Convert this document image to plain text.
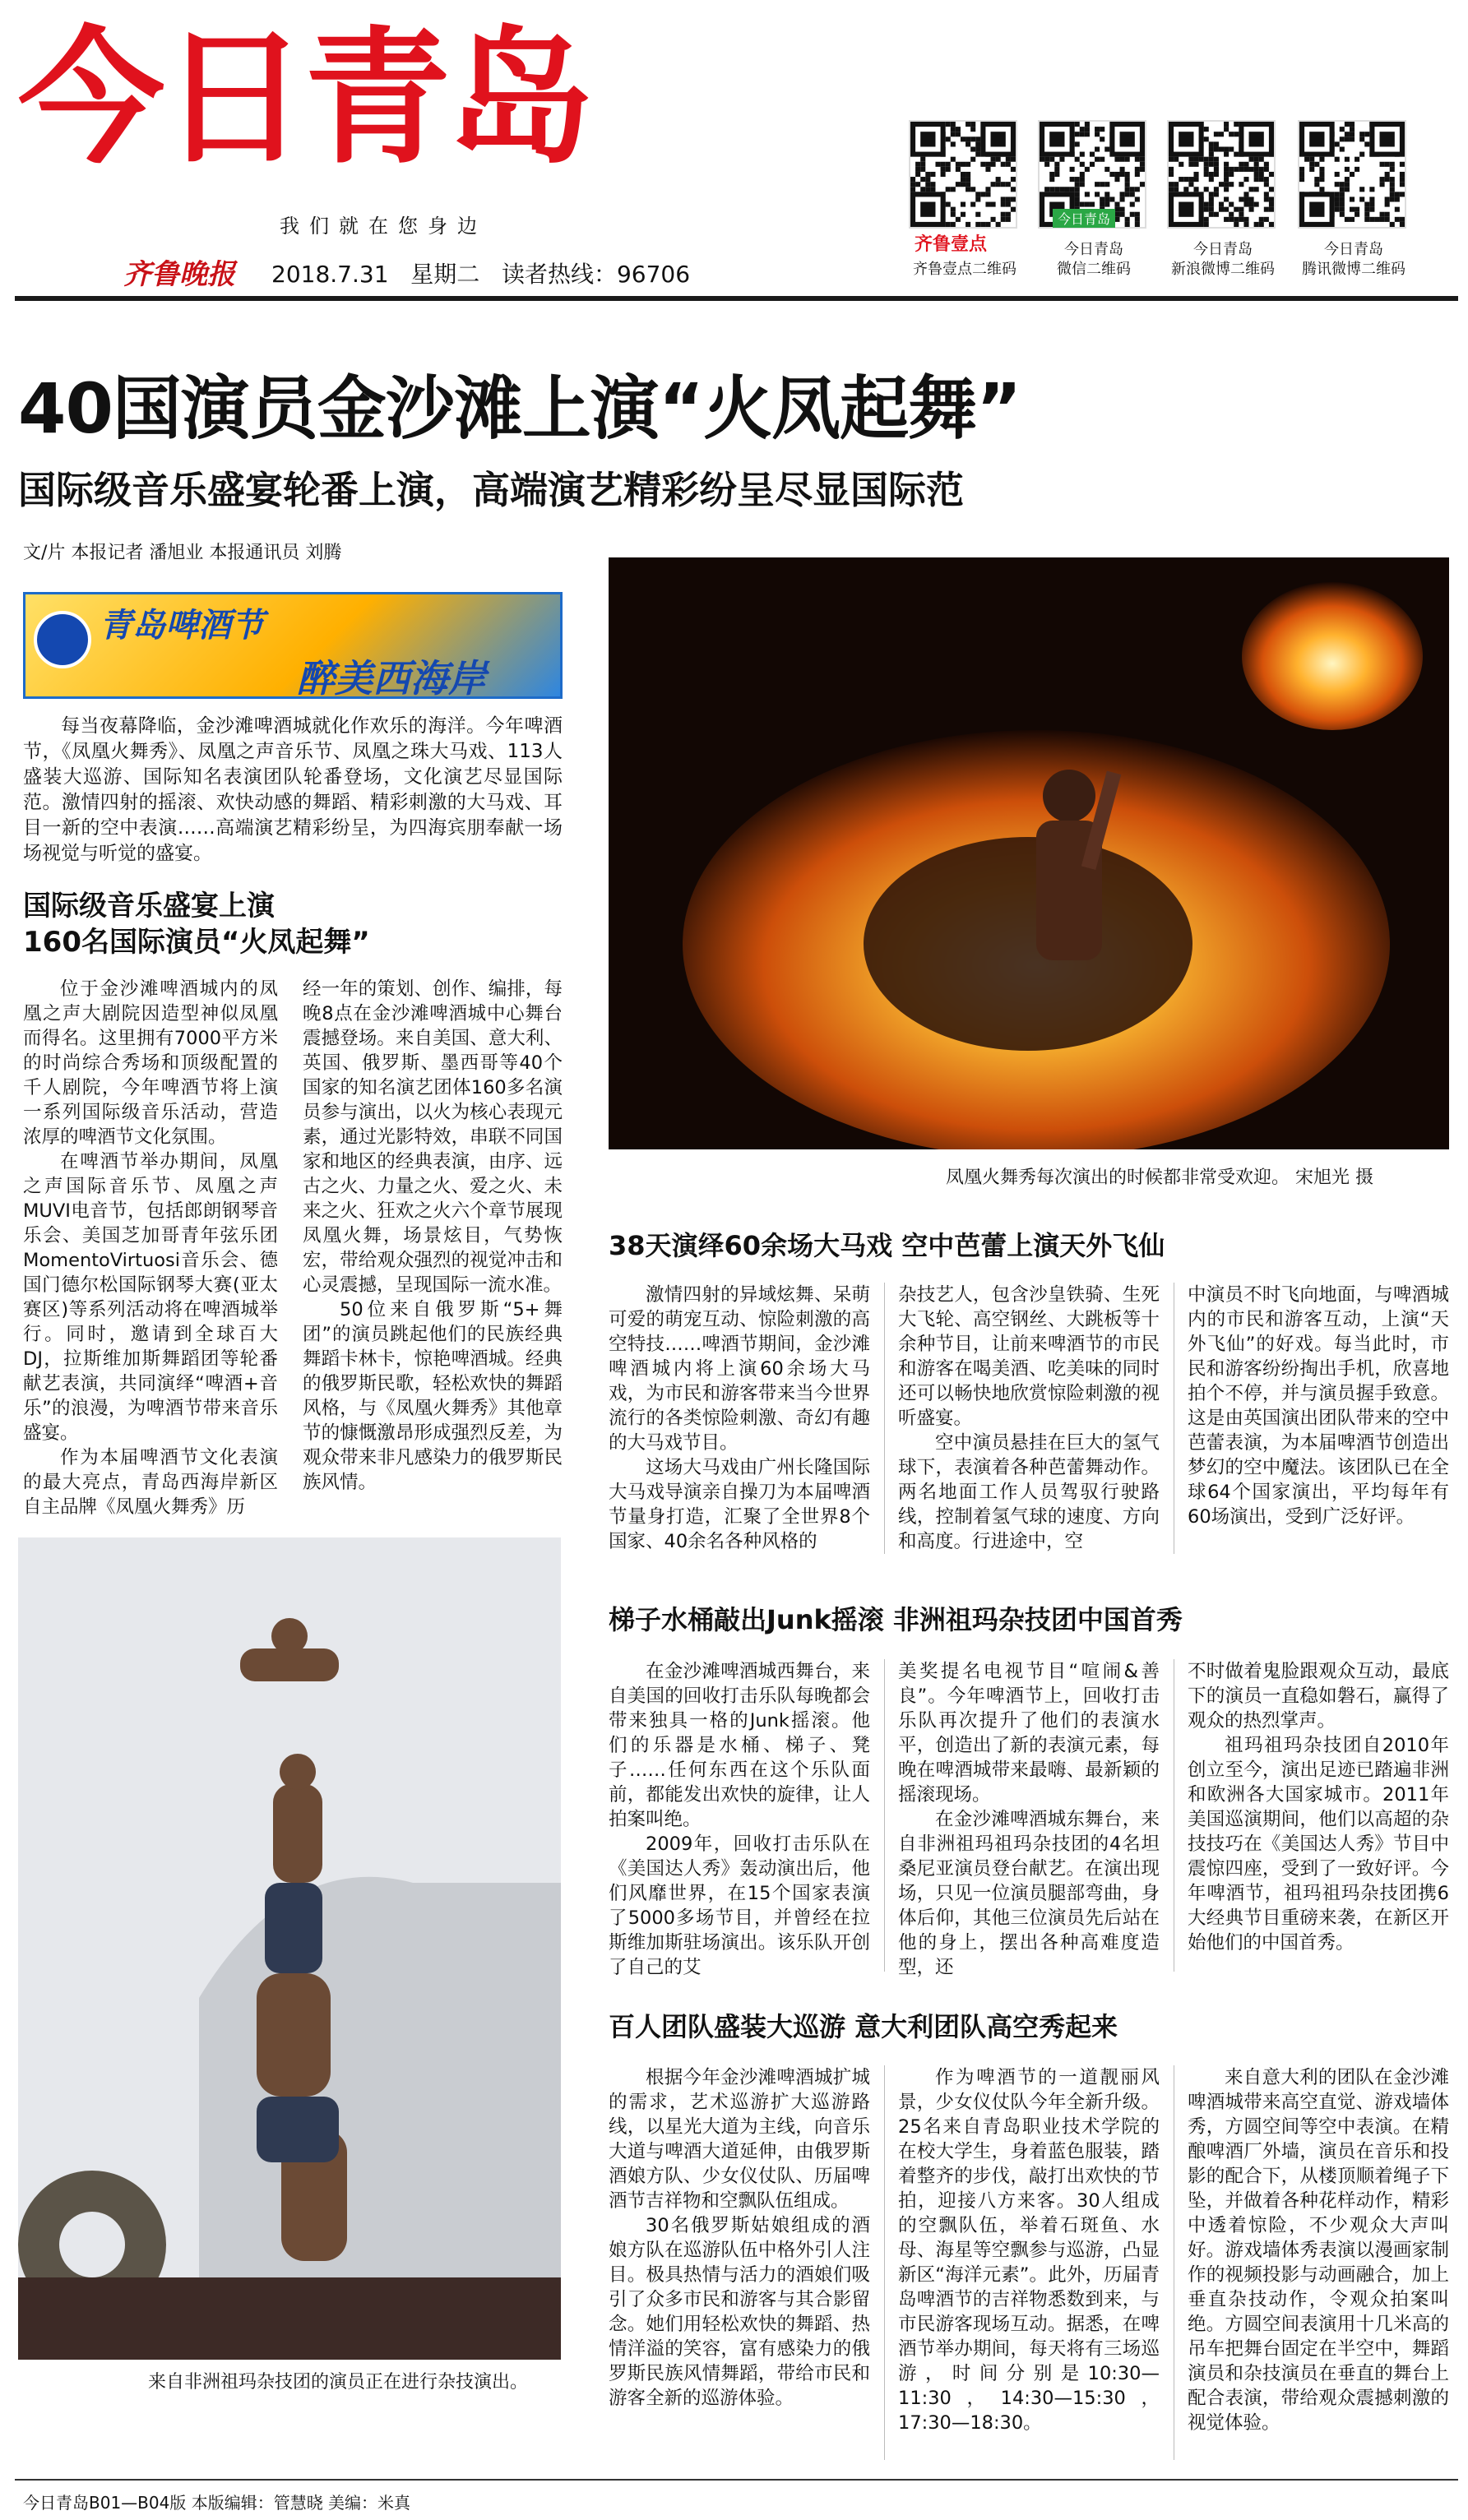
今日青岛
我们就在您身边
齐鲁晚报 2018.7.31 星期二 读者热线：96706
齐鲁壹点
今日青岛
齐鲁壹点二维码
今日青岛
微信二维码
今日青岛
新浪微博二维码
今日青岛
腾讯微博二维码
40国演员金沙滩上演“火凤起舞”
国际级音乐盛宴轮番上演，高端演艺精彩纷呈尽显国际范
文/片 本报记者 潘旭业 本报通讯员 刘腾
青岛啤酒节
醉美西海岸

每当夜幕降临，金沙滩啤酒城就化作欢乐的海洋。今年啤酒节，《凤凰火舞秀》、凤凰之声音乐节、凤凰之珠大马戏、113人盛装大巡游、国际知名表演团队轮番登场，文化演艺尽显国际范。激情四射的摇滚、欢快动感的舞蹈、精彩刺激的大马戏、耳目一新的空中表演……高端演艺精彩纷呈，为四海宾朋奉献一场场视觉与听觉的盛宴。

国际级音乐盛宴上演
160名国际演员“火凤起舞”

位于金沙滩啤酒城内的凤凰之声大剧院因造型神似凤凰而得名。这里拥有7000平方米的时尚综合秀场和顶级配置的千人剧院，今年啤酒节将上演一系列国际级音乐活动，营造浓厚的啤酒节文化氛围。

在啤酒节举办期间，凤凰之声国际音乐节、凤凰之声MUVI电音节，包括郎朗钢琴音乐会、美国芝加哥青年弦乐团MomentoVirtuosi音乐会、德国门德尔松国际钢琴大赛(亚太赛区)等系列活动将在啤酒城举行。同时，邀请到全球百大DJ，拉斯维加斯舞蹈团等轮番献艺表演，共同演绎“啤酒+音乐”的浪漫，为啤酒节带来音乐盛宴。

作为本届啤酒节文化表演的最大亮点，青岛西海岸新区自主品牌《凤凰火舞秀》历

经一年的策划、创作、编排，每晚8点在金沙滩啤酒城中心舞台震撼登场。来自美国、意大利、英国、俄罗斯、墨西哥等40个国家的知名演艺团体160多名演员参与演出，以火为核心表现元素，通过光影特效，串联不同国家和地区的经典表演，由序、远古之火、力量之火、爱之火、未来之火、狂欢之火六个章节展现凤凰火舞，场景炫目，气势恢宏，带给观众强烈的视觉冲击和心灵震撼，呈现国际一流水准。

50位来自俄罗斯“5+舞团”的演员跳起他们的民族经典舞蹈卡林卡，惊艳啤酒城。经典的俄罗斯民歌，轻松欢快的舞蹈风格，与《凤凰火舞秀》其他章节的慷慨激昂形成强烈反差，为观众带来非凡感染力的俄罗斯民族风情。

凤凰火舞秀每次演出的时候都非常受欢迎。 宋旭光 摄
38天演绎60余场大马戏 空中芭蕾上演天外飞仙

激情四射的异域炫舞、呆萌可爱的萌宠互动、惊险刺激的高空特技……啤酒节期间，金沙滩啤酒城内将上演60余场大马戏，为市民和游客带来当今世界流行的各类惊险刺激、奇幻有趣的大马戏节目。

这场大马戏由广州长隆国际大马戏导演亲自操刀为本届啤酒节量身打造，汇聚了全世界8个国家、40余名各种风格的

杂技艺人，包含沙皇铁骑、生死大飞轮、高空钢丝、大跳板等十余种节目，让前来啤酒节的市民和游客在喝美酒、吃美味的同时还可以畅快地欣赏惊险刺激的视听盛宴。

空中演员悬挂在巨大的氢气球下，表演着各种芭蕾舞动作。两名地面工作人员驾驭行驶路线，控制着氢气球的速度、方向和高度。行进途中，空

中演员不时飞向地面，与啤酒城内的市民和游客互动，上演“天外飞仙”的好戏。每当此时，市民和游客纷纷掏出手机，欣喜地拍个不停，并与演员握手致意。这是由英国演出团队带来的空中芭蕾表演，为本届啤酒节创造出梦幻的空中魔法。该团队已在全球64个国家演出，平均每年有60场演出，受到广泛好评。

梯子水桶敲出Junk摇滚 非洲祖玛杂技团中国首秀

在金沙滩啤酒城西舞台，来自美国的回收打击乐队每晚都会带来独具一格的Junk摇滚。他们的乐器是水桶、梯子、凳子……任何东西在这个乐队面前，都能发出欢快的旋律，让人拍案叫绝。

2009年，回收打击乐队在《美国达人秀》轰动演出后，他们风靡世界，在15个国家表演了5000多场节目，并曾经在拉斯维加斯驻场演出。该乐队开创了自己的艾

美奖提名电视节目“喧闹&善良”。今年啤酒节上，回收打击乐队再次提升了他们的表演水平，创造出了新的表演元素，每晚在啤酒城带来最嗨、最新颖的摇滚现场。

在金沙滩啤酒城东舞台，来自非洲祖玛祖玛杂技团的4名坦桑尼亚演员登台献艺。在演出现场，只见一位演员腿部弯曲，身体后仰，其他三位演员先后站在他的身上，摆出各种高难度造型，还

不时做着鬼脸跟观众互动，最底下的演员一直稳如磐石，赢得了观众的热烈掌声。

祖玛祖玛杂技团自2010年创立至今，演出足迹已踏遍非洲和欧洲各大国家城市。2011年美国巡演期间，他们以高超的杂技技巧在《美国达人秀》节目中震惊四座，受到了一致好评。今年啤酒节，祖玛祖玛杂技团携6大经典节目重磅来袭，在新区开始他们的中国首秀。

来自非洲祖玛杂技团的演员正在进行杂技演出。
百人团队盛装大巡游 意大利团队高空秀起来

根据今年金沙滩啤酒城扩城的需求，艺术巡游扩大巡游路线，以星光大道为主线，向音乐大道与啤酒大道延伸，由俄罗斯酒娘方队、少女仪仗队、历届啤酒节吉祥物和空飘队伍组成。

30名俄罗斯姑娘组成的酒娘方队在巡游队伍中格外引人注目。极具热情与活力的酒娘们吸引了众多市民和游客与其合影留念。她们用轻松欢快的舞蹈、热情洋溢的笑容，富有感染力的俄罗斯民族风情舞蹈，带给市民和游客全新的巡游体验。

作为啤酒节的一道靓丽风景，少女仪仗队今年全新升级。25名来自青岛职业技术学院的在校大学生，身着蓝色服装，踏着整齐的步伐，敲打出欢快的节拍，迎接八方来客。30人组成的空飘队伍，举着石斑鱼、水母、海星等空飘参与巡游，凸显新区“海洋元素”。此外，历届青岛啤酒节的吉祥物悉数到来，与市民游客现场互动。据悉，在啤酒节举办期间，每天将有三场巡游，时间分别是10:30—11:30，14:30—15:30，17:30—18:30。

来自意大利的团队在金沙滩啤酒城带来高空直觉、游戏墙体秀，方圆空间等空中表演。在精酿啤酒厂外墙，演员在音乐和投影的配合下，从楼顶顺着绳子下坠，并做着各种花样动作，精彩中透着惊险，不少观众大声叫好。游戏墙体秀表演以漫画家制作的视频投影与动画融合，加上垂直杂技动作，令观众拍案叫绝。方圆空间表演用十几米高的吊车把舞台固定在半空中，舞蹈演员和杂技演员在垂直的舞台上配合表演，带给观众震撼刺激的视觉体验。

今日青岛B01—B04版 本版编辑：管慧晓 美编：米真
